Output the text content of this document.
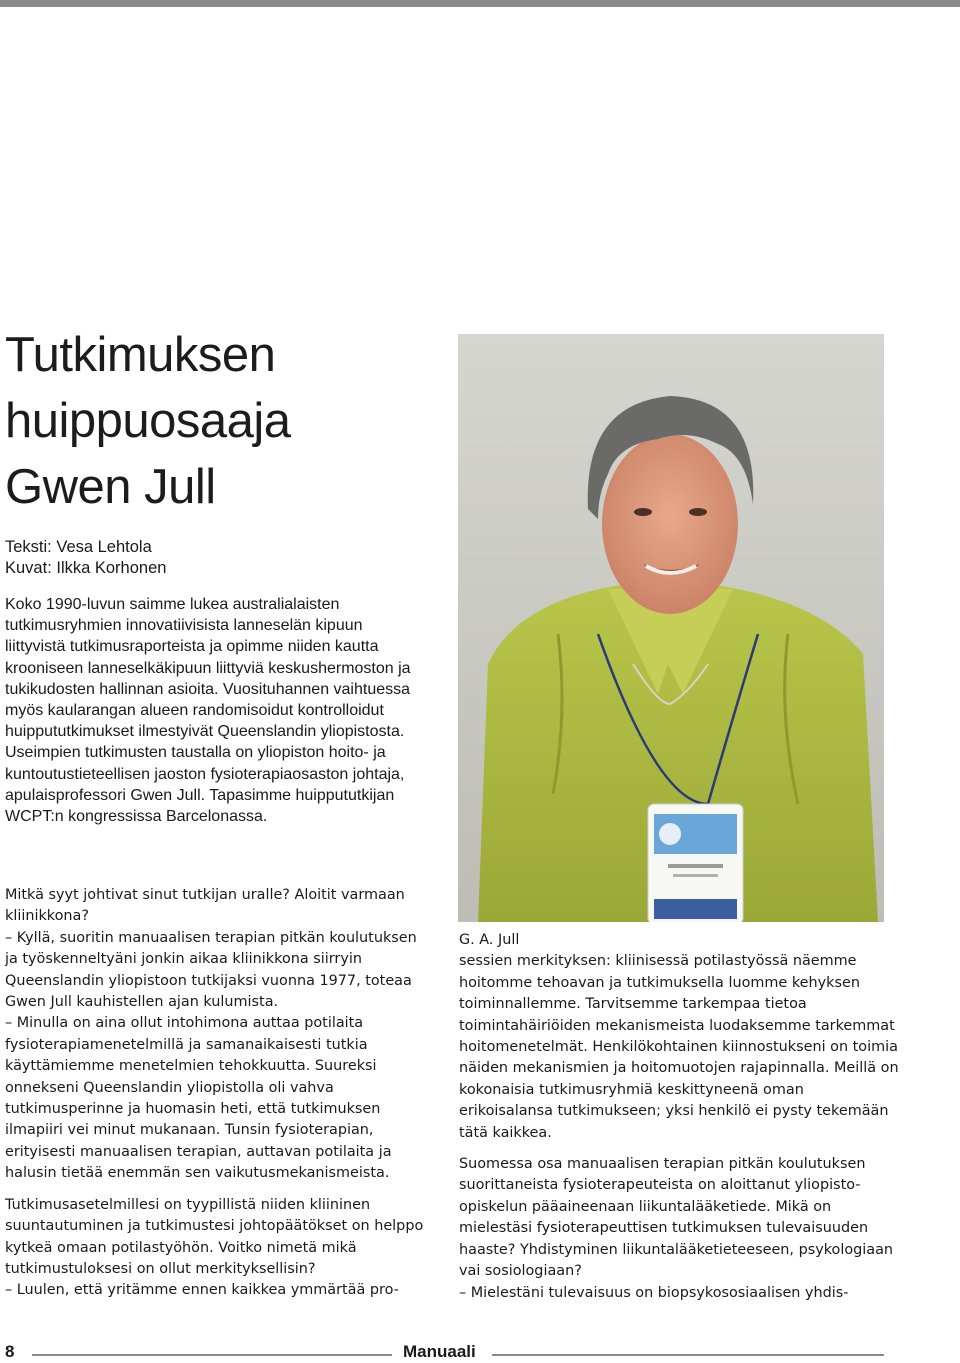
Tutkimuksen
huippuosaaja
Gwen Jull
Teksti: Vesa Lehtola
Kuvat: Ilkka Korhonen
Koko 1990-luvun saimme lukea australialaisten tutkimusryhmien innovatiivisista lanneselän kipuun liittyvistä tutkimusraporteista ja opimme niiden kautta krooniseen lanneselkäkipuun liittyviä keskushermoston ja tukikudosten hallinnan asioita. Vuosituhannen vaihtuessa myös kaularangan alueen randomisoidut kontrolloidut huippututkimukset ilmestyivät Queenslandin yliopistosta. Useimpien tutkimusten taustalla on yliopiston hoito- ja kuntoutustieteellisen jaoston fysioterapiaosaston johtaja, apulaisprofessori Gwen Jull. Tapasimme huippututkijan WCPT:n kongressissa Barcelonassa.

Mitkä syyt johtivat sinut tutkijan uralle? Aloitit varmaan kliinikkona?

– Kyllä, suoritin manuaalisen terapian pitkän koulutuksen ja työskenneltyäni jonkin aikaa kliinikkona siirryin Queenslandin yliopistoon tutkijaksi vuonna 1977, toteaa Gwen Jull kauhistellen ajan kulumista.

– Minulla on aina ollut intohimona auttaa potilaita fysioterapiamenetelmillä ja samanaikaisesti tutkia käyttämiemme menetelmien tehokkuutta. Suureksi onnekseni Queenslandin yliopistolla oli vahva tutkimusperinne ja huomasin heti, että tutkimuksen ilmapiiri vei minut mukanaan. Tunsin fysioterapian, erityisesti manuaalisen terapian, auttavan potilaita ja halusin tietää enemmän sen vaikutusmekanismeista.

Tutkimusasetelmillesi on tyypillistä niiden kliininen suuntautuminen ja tutkimustesi johtopäätökset on helppo kytkeä omaan potilastyöhön. Voitko nimetä mikä tutkimustuloksesi on ollut merkityksellisin?

– Luulen, että yritämme ennen kaikkea ymmärtää pro-

G. A. Jull

sessien merkityksen: kliinisessä potilastyössä näemme hoitomme tehoavan ja tutkimuksella luomme kehyksen toiminnallemme. Tarvitsemme tarkempaa tietoa toimintahäiriöiden mekanismeista luodaksemme tarkemmat hoitomenetelmät. Henkilökohtainen kiinnostukseni on toimia näiden mekanismien ja hoitomuotojen rajapinnalla. Meillä on kokonaisia tutkimusryhmiä keskittyneenä oman erikoisalansa tutkimukseen; yksi henkilö ei pysty tekemään tätä kaikkea.

Suomessa osa manuaalisen terapian pitkän koulutuksen suorittaneista fysioterapeuteista on aloittanut yliopisto-opiskelun pääaineenaan liikuntalääketiede. Mikä on mielestäsi fysioterapeuttisen tutkimuksen tulevaisuuden haaste? Yhdistyminen liikuntalääketieteeseen, psykologiaan vai sosiologiaan?

– Mielestäni tulevaisuus on biopsykososiaalisen yhdis-

8	Manuaali
